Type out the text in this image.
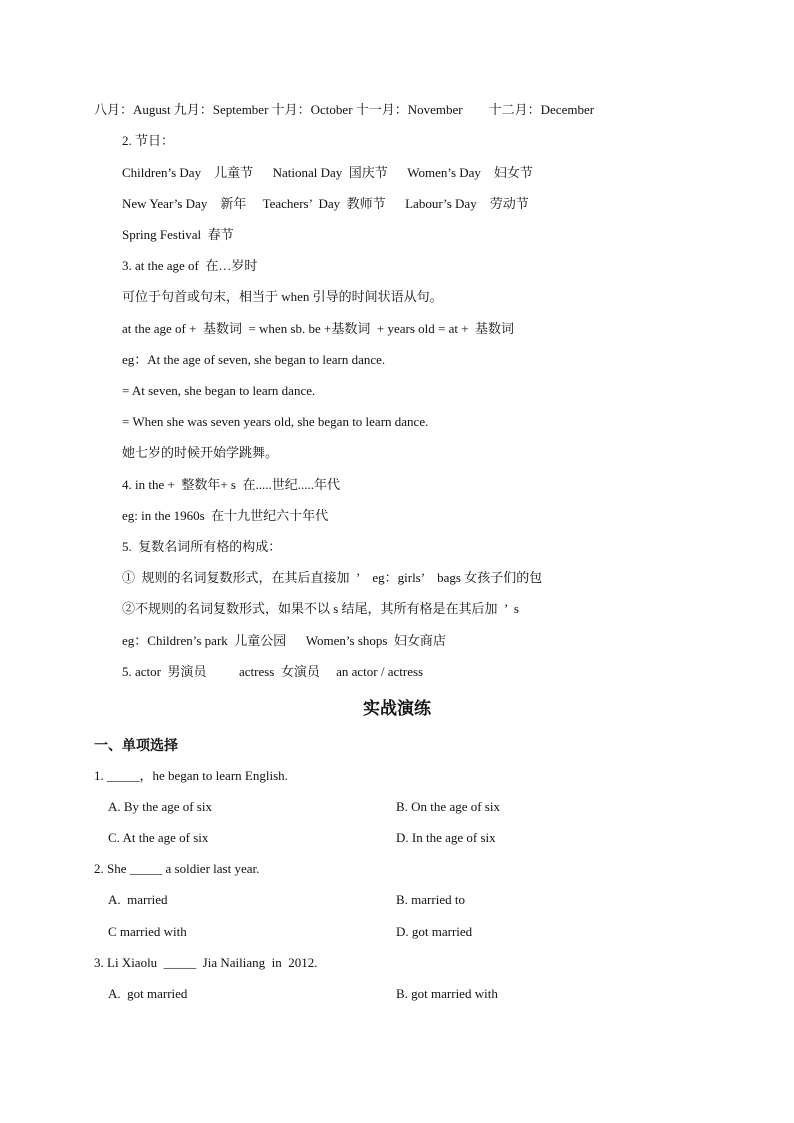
八月：August 九月：September 十月：October 十一月：November        十二月：December
2. 节日：
Children’s Day    儿童节      National Day  国庆节      Women’s Day    妇女节
New Year’s Day    新年     Teachers’  Day  教师节      Labour’s Day    劳动节
Spring Festival  春节
3. at the age of  在…岁时
可位于句首或句末，相当于 when 引导的时间状语从句。
at the age of +  基数词  = when sb. be +基数词  + years old = at +  基数词
eg：At the age of seven, she began to learn dance.
= At seven, she began to learn dance.
= When she was seven years old, she began to learn dance.
她七岁的时候开始学跳舞。
4. in the +  整数年+ s  在.....世纪.....年代
eg: in the 1960s  在十九世纪六十年代
5.  复数名词所有格的构成：
①  规则的名词复数形式，在其后直接加  ’    eg：girls’    bags 女孩子们的包
②不规则的名词复数形式，如果不以 s 结尾，其所有格是在其后加  ’  s
eg：Children’s park  儿童公园      Women’s shops  妇女商店
5. actor  男演员          actress  女演员     an actor / actress
实战演练
一、单项选择
1. _____，he began to learn English.
A. By the age of six	B. On the age of six
C. At the age of six	D. In the age of six
2. She _____ a soldier last year.
A.  married	B. married to
C married with	D. got married
3. Li Xiaolu  _____  Jia Nailiang  in  2012.
A.  got married	B. got married with
